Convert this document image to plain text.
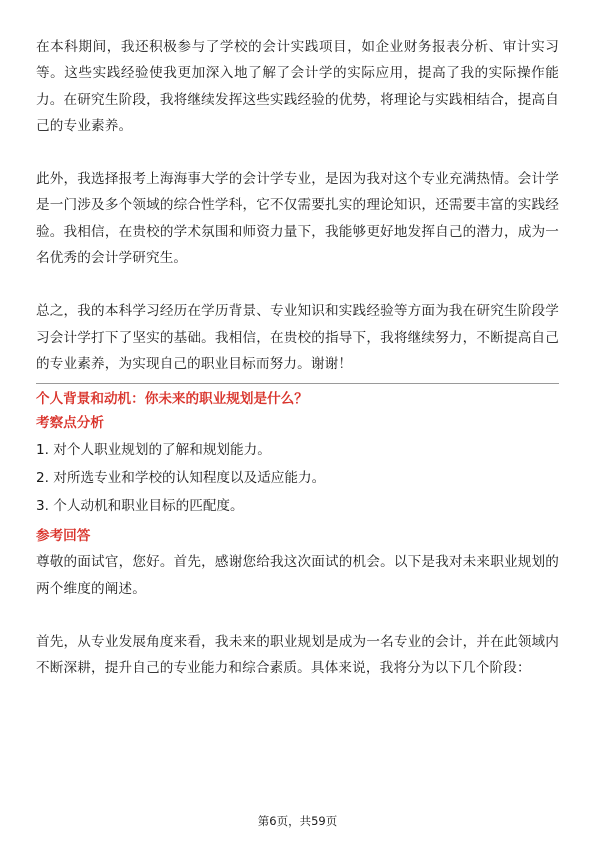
在本科期间，我还积极参与了学校的会计实践项目，如企业财务报表分析、审计实习等。这些实践经验使我更加深入地了解了会计学的实际应用，提高了我的实际操作能力。在研究生阶段，我将继续发挥这些实践经验的优势，将理论与实践相结合，提高自己的专业素养。

此外，我选择报考上海海事大学的会计学专业，是因为我对这个专业充满热情。会计学是一门涉及多个领域的综合性学科，它不仅需要扎实的理论知识，还需要丰富的实践经验。我相信，在贵校的学术氛围和师资力量下，我能够更好地发挥自己的潜力，成为一名优秀的会计学研究生。

总之，我的本科学习经历在学历背景、专业知识和实践经验等方面为我在研究生阶段学习会计学打下了坚实的基础。我相信，在贵校的指导下，我将继续努力，不断提高自己的专业素养，为实现自己的职业目标而努力。谢谢！

个人背景和动机：你未来的职业规划是什么？

考察点分析

1. 对个人职业规划的了解和规划能力。
2. 对所选专业和学校的认知程度以及适应能力。
3. 个人动机和职业目标的匹配度。

参考回答

尊敬的面试官，您好。首先，感谢您给我这次面试的机会。以下是我对未来职业规划的两个维度的阐述。

首先，从专业发展角度来看，我未来的职业规划是成为一名专业的会计，并在此领域内不断深耕，提升自己的专业能力和综合素质。具体来说，我将分为以下几个阶段：

第6页，共59页
